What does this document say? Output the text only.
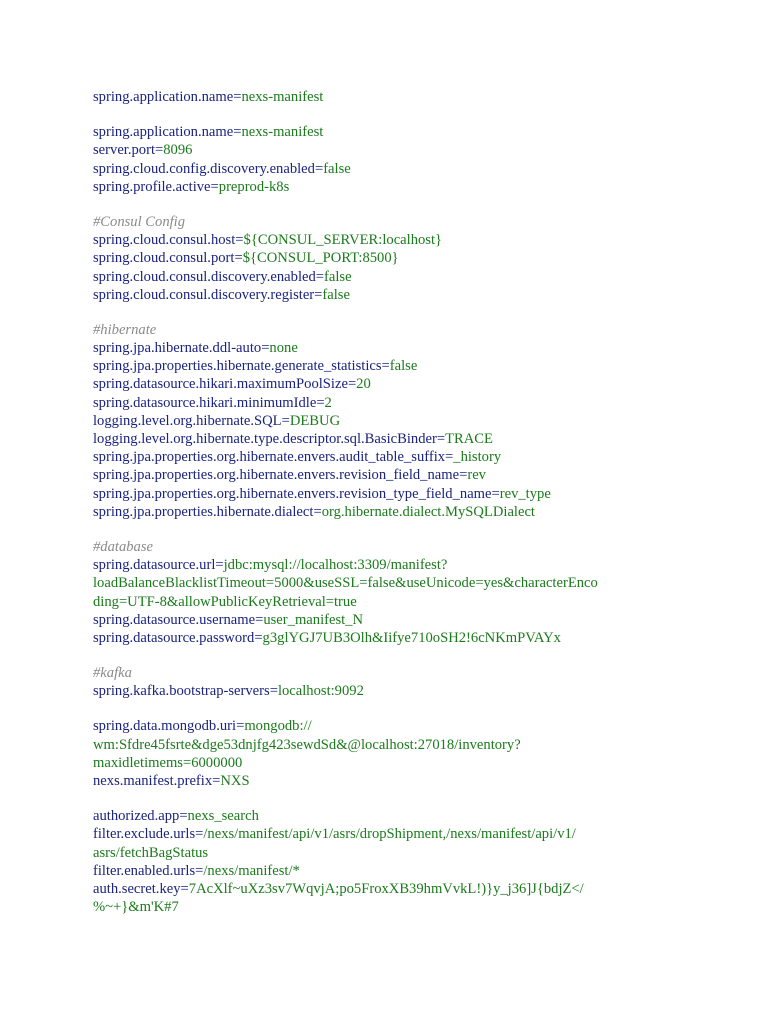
spring.application.name=nexs-manifest
spring.application.name=nexs-manifest
server.port=8096
spring.cloud.config.discovery.enabled=false
spring.profile.active=preprod-k8s
#Consul Config
spring.cloud.consul.host=${CONSUL_SERVER:localhost}
spring.cloud.consul.port=${CONSUL_PORT:8500}
spring.cloud.consul.discovery.enabled=false
spring.cloud.consul.discovery.register=false
#hibernate
spring.jpa.hibernate.ddl-auto=none
spring.jpa.properties.hibernate.generate_statistics=false
spring.datasource.hikari.maximumPoolSize=20
spring.datasource.hikari.minimumIdle=2
logging.level.org.hibernate.SQL=DEBUG
logging.level.org.hibernate.type.descriptor.sql.BasicBinder=TRACE
spring.jpa.properties.org.hibernate.envers.audit_table_suffix=_history
spring.jpa.properties.org.hibernate.envers.revision_field_name=rev
spring.jpa.properties.org.hibernate.envers.revision_type_field_name=rev_type
spring.jpa.properties.hibernate.dialect=org.hibernate.dialect.MySQLDialect
#database
spring.datasource.url=jdbc:mysql://localhost:3309/manifest?
loadBalanceBlacklistTimeout=5000&useSSL=false&useUnicode=yes&characterEnco
ding=UTF-8&allowPublicKeyRetrieval=true
spring.datasource.username=user_manifest_N
spring.datasource.password=g3glYGJ7UB3Olh&Iifye710oSH2!6cNKmPVAYx
#kafka
spring.kafka.bootstrap-servers=localhost:9092
spring.data.mongodb.uri=mongodb://
wm:Sfdre45fsrte&dge53dnjfg423sewdSd&@localhost:27018/inventory?
maxidletimems=6000000
nexs.manifest.prefix=NXS
authorized.app=nexs_search
filter.exclude.urls=/nexs/manifest/api/v1/asrs/dropShipment,/nexs/manifest/api/v1/
asrs/fetchBagStatus
filter.enabled.urls=/nexs/manifest/*
auth.secret.key=7AcXlf~uXz3sv7WqvjA;po5FroxXB39hmVvkL!)}y_j36]J{bdjZ</
%~+}&m'K#7
